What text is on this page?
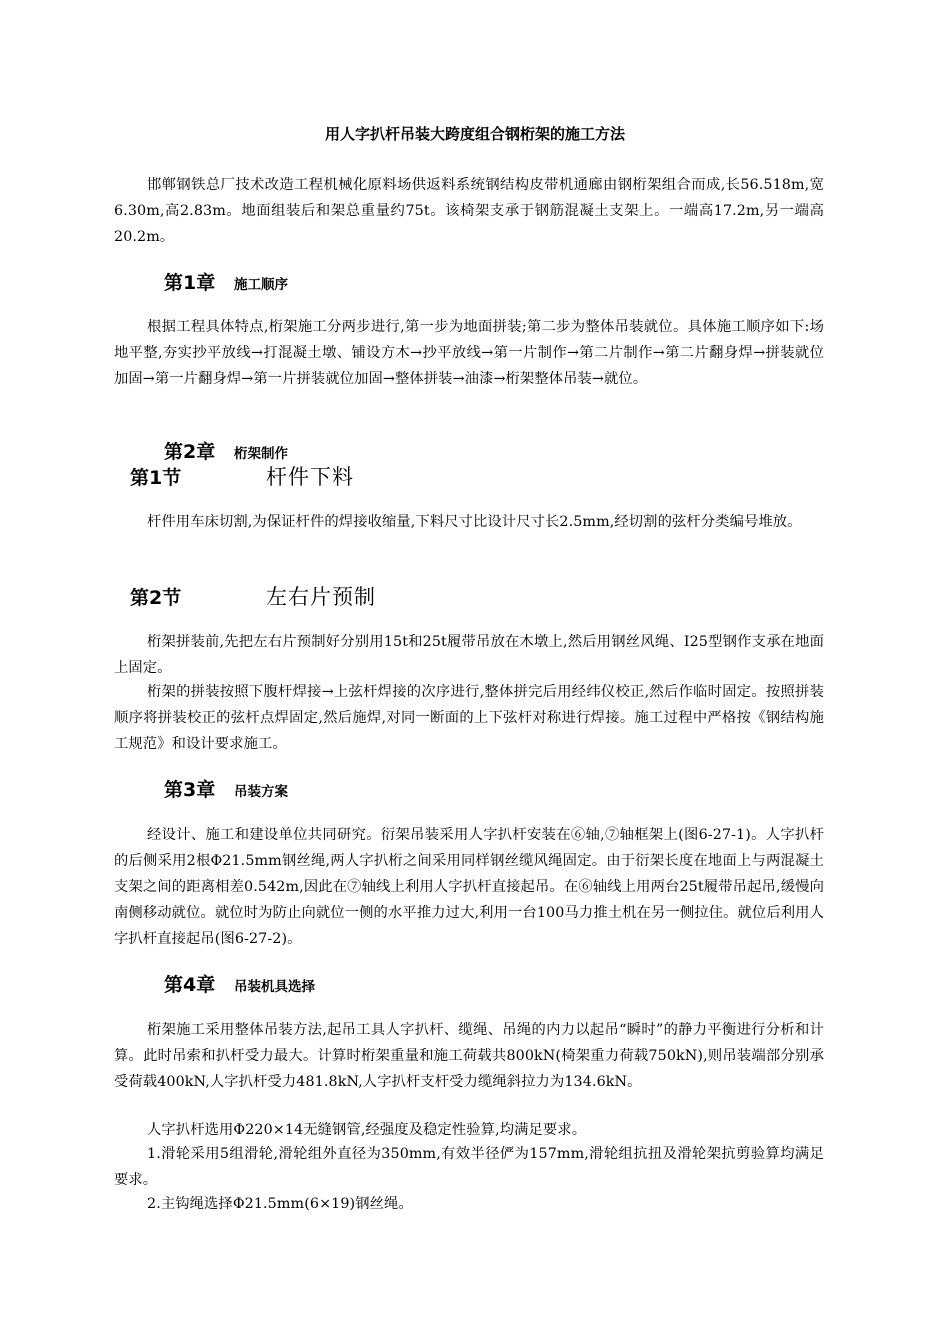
用人字扒杆吊装大跨度组合钢桁架的施工方法

邯郸钢铁总厂技术改造工程机械化原料场供返料系统钢结构皮带机通廊由钢桁架组合而成,长56.518m,宽6.30m,高2.83m。地面组装后和架总重量约75t。该椅架支承于钢筋混凝土支架上。一端高17.2m,另一端高20.2m。

第1章 施工顺序

根据工程具体特点,桁架施工分两步进行,第一步为地面拼装;第二步为整体吊装就位。具体施工顺序如下:场地平整,夯实抄平放线→打混凝土墩、铺设方木→抄平放线→第一片制作→第二片制作→第二片翻身焊→拼装就位加固→第一片翻身焊→第一片拼装就位加固→整体拼装→油漆→桁架整体吊装→就位。

第2章 桁架制作
第1节	杆件下料

杆件用车床切割,为保证杆件的焊接收缩量,下料尺寸比设计尺寸长2.5mm,经切割的弦杆分类编号堆放。

第2节	左右片预制

桁架拼装前,先把左右片预制好分别用15t和25t履带吊放在木墩上,然后用钢丝风绳、I25型钢作支承在地面上固定。

桁架的拼装按照下腹杆焊接→上弦杆焊接的次序进行,整体拼完后用经纬仪校正,然后作临时固定。按照拼装顺序将拼装校正的弦杆点焊固定,然后施焊,对同一断面的上下弦杆对称进行焊接。施工过程中严格按《钢结构施工规范》和设计要求施工。

第3章 吊装方案

经设计、施工和建设单位共同研究。衍架吊装采用人字扒杆安装在⑥轴,⑦轴框架上(图6-27-1)。人字扒杆的后侧采用2根Φ21.5mm钢丝绳,两人字扒桁之间采用同样钢丝缆风绳固定。由于衍架长度在地面上与两混凝土支架之间的距离相差0.542m,因此在⑦轴线上利用人字扒杆直接起吊。在⑥轴线上用两台25t履带吊起吊,缓慢向南侧移动就位。就位时为防止向就位一侧的水平推力过大,利用一台100马力推土机在另一侧拉住。就位后利用人字扒杆直接起吊(图6-27-2)。

第4章 吊装机具选择

桁架施工采用整体吊装方法,起吊工具人字扒杆、缆绳、吊绳的内力以起吊“瞬时”的静力平衡进行分析和计算。此时吊索和扒杆受力最大。计算时桁架重量和施工荷载共800kN(椅架重力荷载750kN),则吊装端部分别承受荷载400kN,人字扒杆受力481.8kN,人字扒杆支杆受力缆绳斜拉力为134.6kN。

人字扒杆选用Φ220×14无缝钢管,经强度及稳定性验算,均满足要求。

1.滑轮采用5组滑轮,滑轮组外直径为350mm,有效半径俨为157mm,滑轮组抗扭及滑轮架抗剪验算均满足要求。

2.主钩绳选择Φ21.5mm(6×19)钢丝绳。
